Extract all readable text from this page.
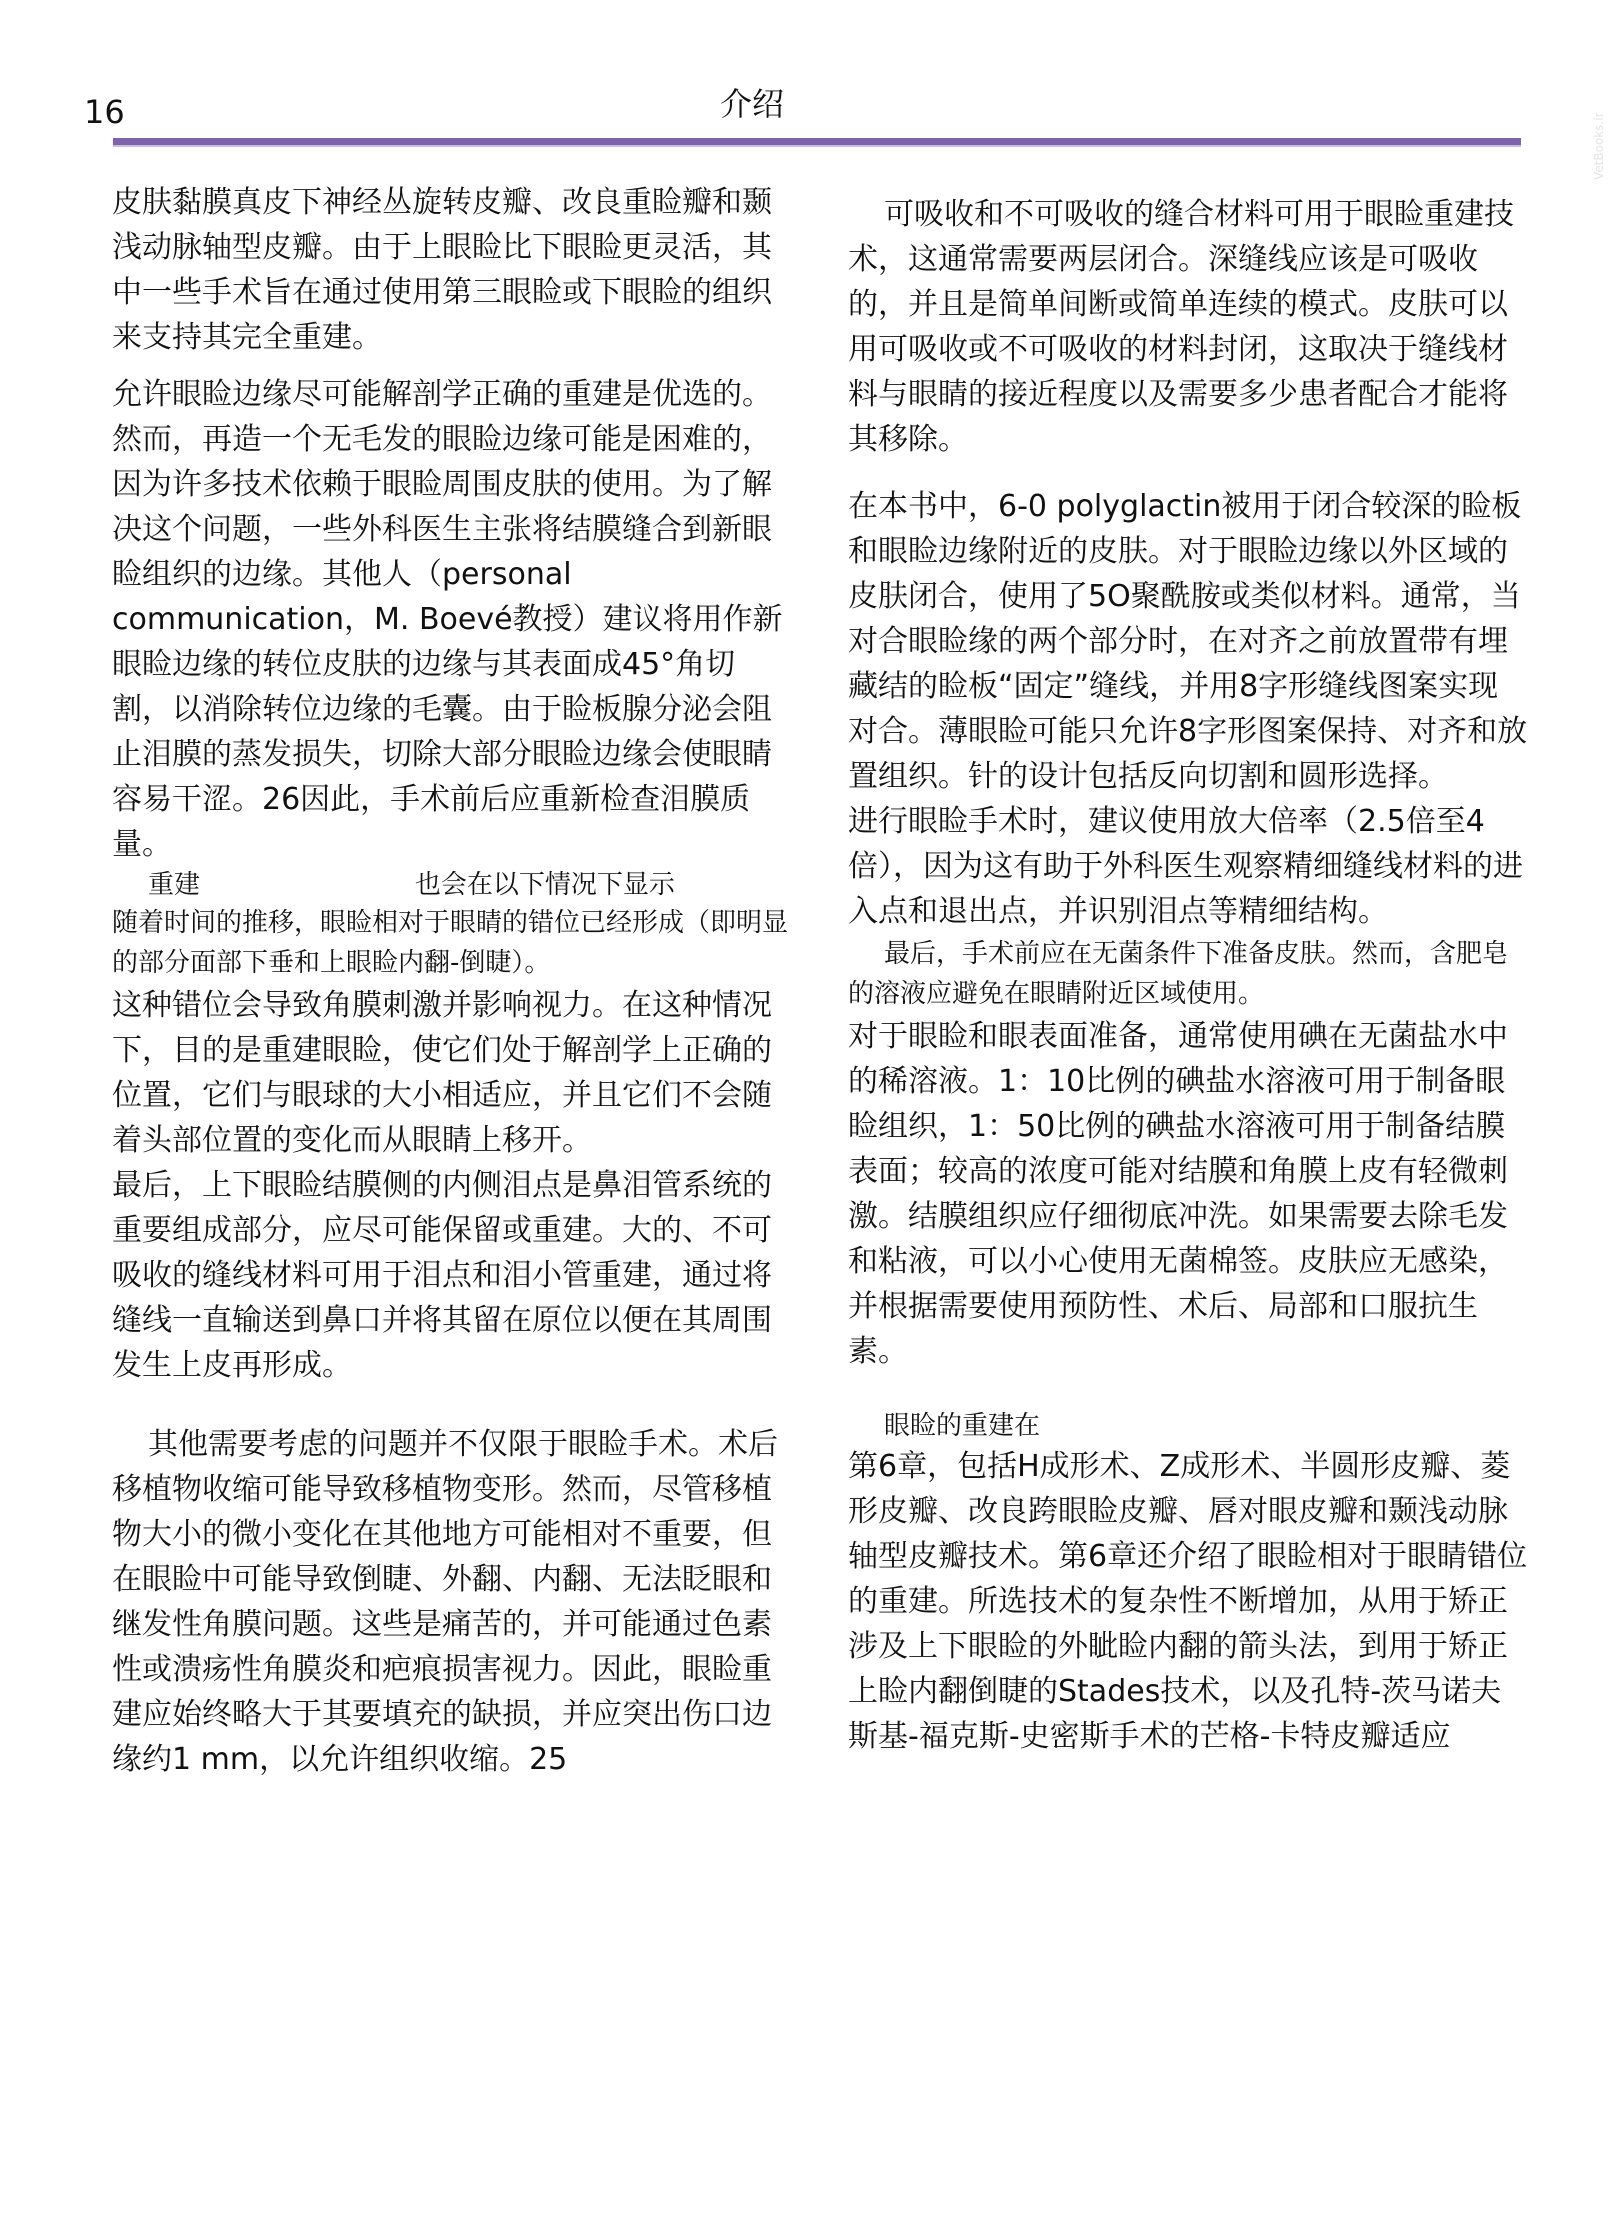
16	介绍
VetBooks.ir

皮肤黏膜真皮下神经丛旋转皮瓣、改良重睑瓣和颞浅动脉轴型皮瓣。由于上眼睑比下眼睑更灵活，其中一些手术旨在通过使用第三眼睑或下眼睑的组织来支持其完全重建。

允许眼睑边缘尽可能解剖学正确的重建是优选的。然而，再造一个无毛发的眼睑边缘可能是困难的，因为许多技术依赖于眼睑周围皮肤的使用。为了解决这个问题，一些外科医生主张将结膜缝合到新眼睑组织的边缘。其他人（personal communication，M. Boevé教授）建议将用作新眼睑边缘的转位皮肤的边缘与其表面成45°角切割，以消除转位边缘的毛囊。由于睑板腺分泌会阻止泪膜的蒸发损失，切除大部分眼睑边缘会使眼睛容易干涩。26因此，手术前后应重新检查泪膜质量。

重建                          也会在以下情况下显示

随着时间的推移，眼睑相对于眼睛的错位已经形成（即明显的部分面部下垂和上眼睑内翻-倒睫）。

这种错位会导致角膜刺激并影响视力。在这种情况下，目的是重建眼睑，使它们处于解剖学上正确的位置，它们与眼球的大小相适应，并且它们不会随着头部位置的变化而从眼睛上移开。

最后，上下眼睑结膜侧的内侧泪点是鼻泪管系统的重要组成部分，应尽可能保留或重建。大的、不可吸收的缝线材料可用于泪点和泪小管重建，通过将缝线一直输送到鼻口并将其留在原位以便在其周围发生上皮再形成。

其他需要考虑的问题并不仅限于眼睑手术。术后移植物收缩可能导致移植物变形。然而，尽管移植物大小的微小变化在其他地方可能相对不重要，但在眼睑中可能导致倒睫、外翻、内翻、无法眨眼和继发性角膜问题。这些是痛苦的，并可能通过色素性或溃疡性角膜炎和疤痕损害视力。因此，眼睑重建应始终略大于其要填充的缺损，并应突出伤口边缘约1 mm，以允许组织收缩。25

可吸收和不可吸收的缝合材料可用于眼睑重建技术，这通常需要两层闭合。深缝线应该是可吸收的，并且是简单间断或简单连续的模式。皮肤可以用可吸收或不可吸收的材料封闭，这取决于缝线材料与眼睛的接近程度以及需要多少患者配合才能将其移除。

在本书中，6-0 polyglactin被用于闭合较深的睑板和眼睑边缘附近的皮肤。对于眼睑边缘以外区域的皮肤闭合，使用了5O聚酰胺或类似材料。通常，当对合眼睑缘的两个部分时，在对齐之前放置带有埋藏结的睑板“固定”缝线，并用8字形缝线图案实现对合。薄眼睑可能只允许8字形图案保持、对齐和放置组织。针的设计包括反向切割和圆形选择。

进行眼睑手术时，建议使用放大倍率（2.5倍至4倍），因为这有助于外科医生观察精细缝线材料的进入点和退出点，并识别泪点等精细结构。

最后，手术前应在无菌条件下准备皮肤。然而，含肥皂的溶液应避免在眼睛附近区域使用。

对于眼睑和眼表面准备，通常使用碘在无菌盐水中的稀溶液。1：10比例的碘盐水溶液可用于制备眼睑组织，1：50比例的碘盐水溶液可用于制备结膜表面；较高的浓度可能对结膜和角膜上皮有轻微刺激。结膜组织应仔细彻底冲洗。如果需要去除毛发和粘液，可以小心使用无菌棉签。皮肤应无感染，并根据需要使用预防性、术后、局部和口服抗生素。

眼睑的重建在

第6章，包括H成形术、Z成形术、半圆形皮瓣、菱形皮瓣、改良跨眼睑皮瓣、唇对眼皮瓣和颞浅动脉轴型皮瓣技术。第6章还介绍了眼睑相对于眼睛错位的重建。所选技术的复杂性不断增加，从用于矫正涉及上下眼睑的外眦睑内翻的箭头法，到用于矫正上睑内翻倒睫的Stades技术，以及孔特-茨马诺夫斯基-福克斯-史密斯手术的芒格-卡特皮瓣适应
